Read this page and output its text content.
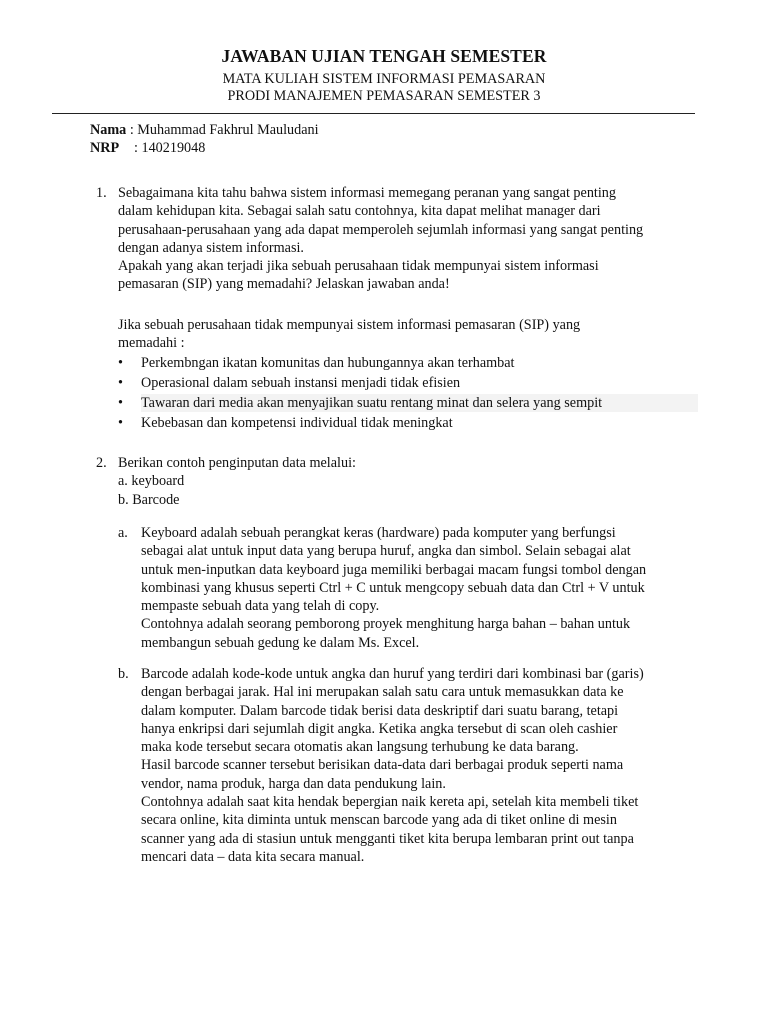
JAWABAN UJIAN TENGAH SEMESTER
MATA KULIAH SISTEM INFORMASI PEMASARAN
PRODI MANAJEMEN PEMASARAN SEMESTER 3
Nama : Muhammad Fakhrul Mauludani
NRP : 140219048
1. Sebagaimana kita tahu bahwa sistem informasi memegang peranan yang sangat penting

dalam kehidupan kita. Sebagai salah satu contohnya, kita dapat melihat manager dari

perusahaan-perusahaan yang ada dapat memperoleh sejumlah informasi yang sangat penting

dengan adanya sistem informasi.

Apakah yang akan terjadi jika sebuah perusahaan tidak mempunyai sistem informasi

pemasaran (SIP) yang memadahi? Jelaskan jawaban anda!

Jika sebuah perusahaan tidak mempunyai sistem informasi pemasaran (SIP) yang

memadahi :

• Perkembngan ikatan komunitas dan hubungannya akan terhambat
• Operasional dalam sebuah instansi menjadi tidak efisien
• Tawaran dari media akan menyajikan suatu rentang minat dan selera yang sempit
• Kebebasan dan kompetensi individual tidak meningkat
2. Berikan contoh penginputan data melalui:

a. keyboard

b. Barcode

a. Keyboard adalah sebuah perangkat keras (hardware) pada komputer yang berfungsi

sebagai alat untuk input data yang berupa huruf, angka dan simbol. Selain sebagai alat

untuk men-inputkan data keyboard juga memiliki berbagai macam fungsi tombol dengan

kombinasi yang khusus seperti Ctrl + C untuk mengcopy sebuah data dan Ctrl + V untuk

mempaste sebuah data yang telah di copy.

Contohnya adalah seorang pemborong proyek menghitung harga bahan – bahan untuk

membangun sebuah gedung ke dalam Ms. Excel.

b. Barcode adalah kode-kode untuk angka dan huruf yang terdiri dari kombinasi bar (garis)

dengan berbagai jarak. Hal ini merupakan salah satu cara untuk memasukkan data ke

dalam komputer. Dalam barcode tidak berisi data deskriptif dari suatu barang, tetapi

hanya enkripsi dari sejumlah digit angka. Ketika angka tersebut di scan oleh cashier

maka kode tersebut secara otomatis akan langsung terhubung ke data barang.

Hasil barcode scanner tersebut berisikan data-data dari berbagai produk seperti nama

vendor, nama produk, harga dan data pendukung lain.

Contohnya adalah saat kita hendak bepergian naik kereta api, setelah kita membeli tiket

secara online, kita diminta untuk menscan barcode yang ada di tiket online di mesin

scanner yang ada di stasiun untuk mengganti tiket kita berupa lembaran print out tanpa

mencari data – data kita secara manual.
